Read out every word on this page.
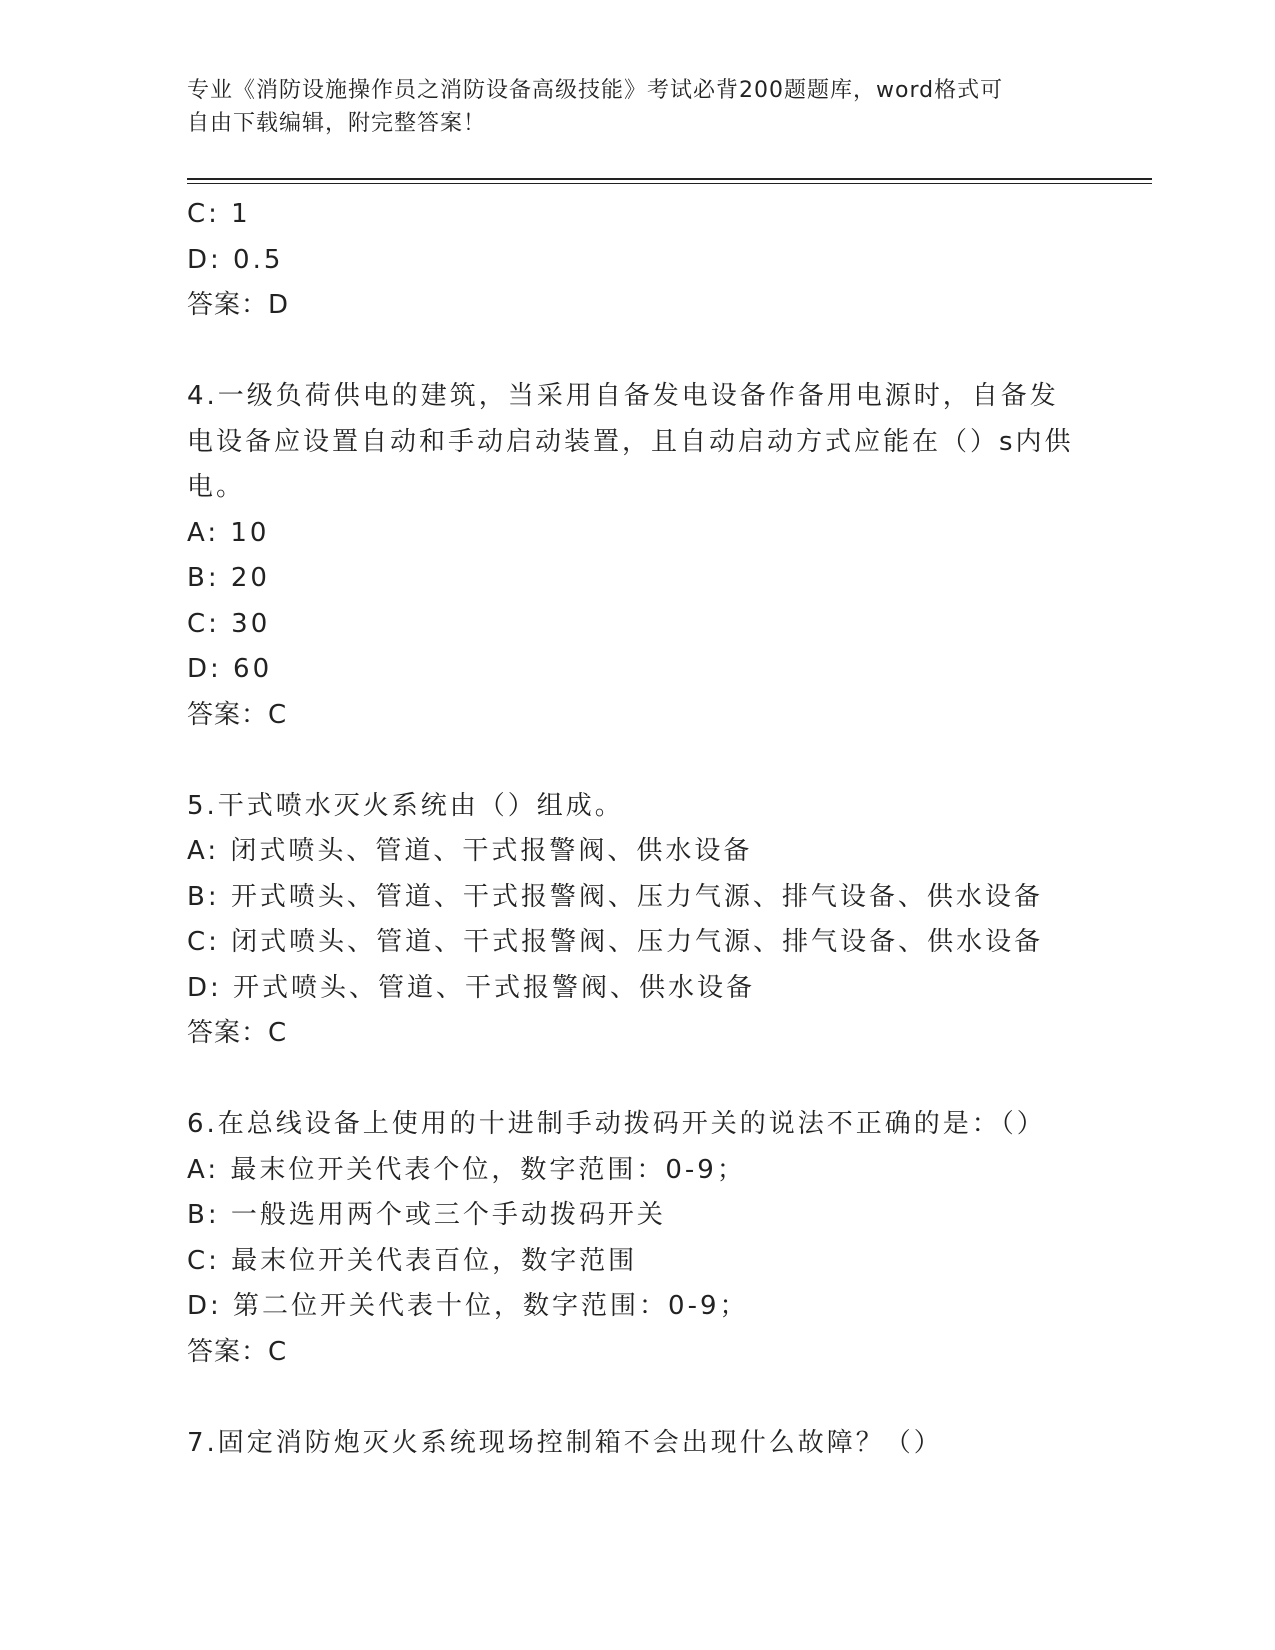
专业《消防设施操作员之消防设备高级技能》考试必背200题题库，word格式可
自由下载编辑，附完整答案！
C: 1
D: 0.5
答案：D
4.一级负荷供电的建筑，当采用自备发电设备作备用电源时，自备发
电设备应设置自动和手动启动装置，且自动启动方式应能在（）s内供
电。
A: 10
B: 20
C: 30
D: 60
答案：C
5.干式喷水灭火系统由（）组成。
A: 闭式喷头、管道、干式报警阀、供水设备
B: 开式喷头、管道、干式报警阀、压力气源、排气设备、供水设备
C: 闭式喷头、管道、干式报警阀、压力气源、排气设备、供水设备
D: 开式喷头、管道、干式报警阀、供水设备
答案：C
6.在总线设备上使用的十进制手动拨码开关的说法不正确的是：（）
A: 最末位开关代表个位，数字范围：0-9；
B: 一般选用两个或三个手动拨码开关
C: 最末位开关代表百位，数字范围
D: 第二位开关代表十位，数字范围：0-9；
答案：C
7.固定消防炮灭火系统现场控制箱不会出现什么故障？（）
